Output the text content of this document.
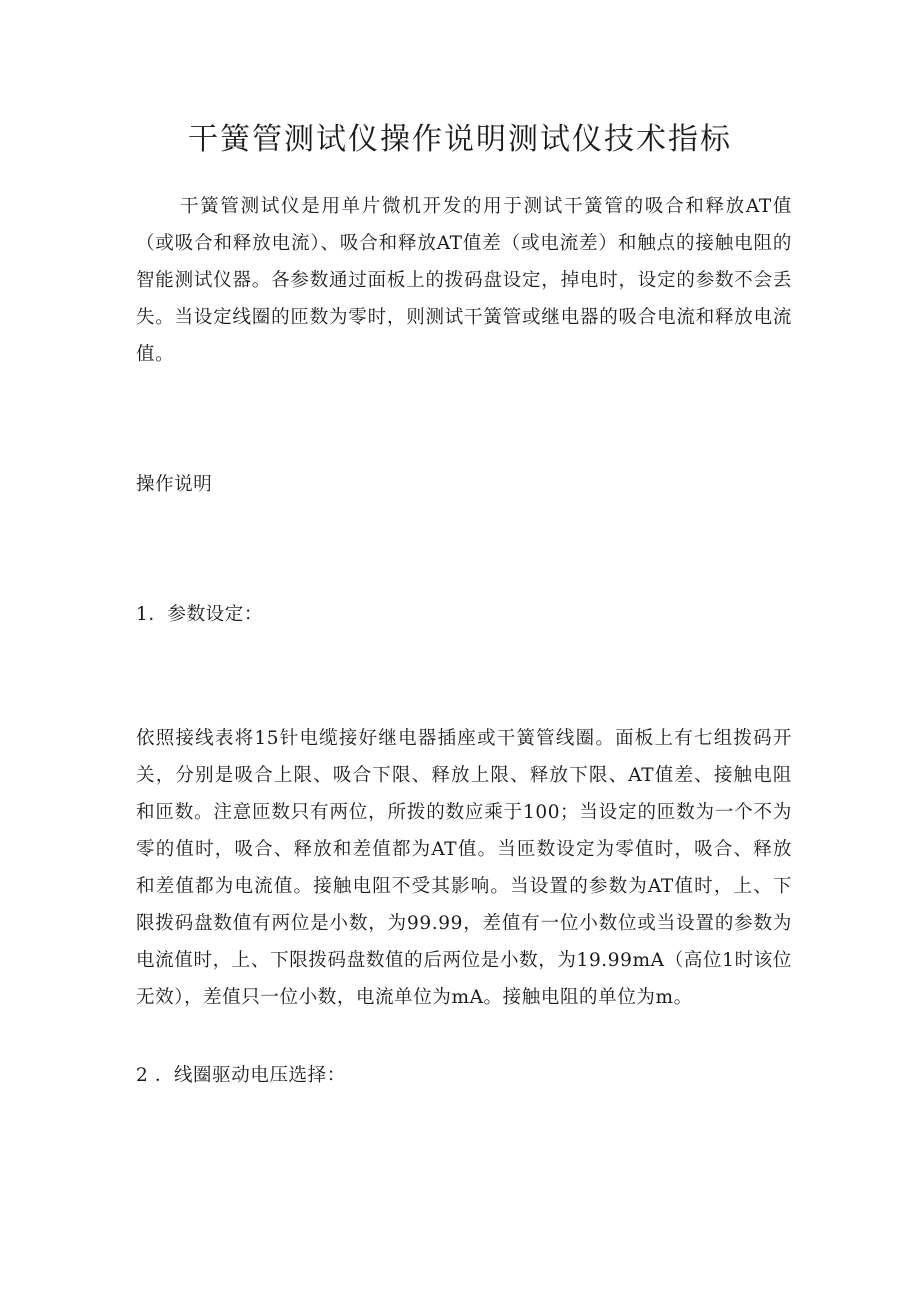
干簧管测试仪操作说明测试仪技术指标

干簧管测试仪是用单片微机开发的用于测试干簧管的吸合和释放AT值（或吸合和释放电流）、吸合和释放AT值差（或电流差）和触点的接触电阻的智能测试仪器。各参数通过面板上的拨码盘设定，掉电时，设定的参数不会丢失。当设定线圈的匝数为零时，则测试干簧管或继电器的吸合电流和释放电流值。

操作说明

1．参数设定：

依照接线表将15针电缆接好继电器插座或干簧管线圈。面板上有七组拨码开关，分别是吸合上限、吸合下限、释放上限、释放下限、AT值差、接触电阻和匝数。注意匝数只有两位，所拨的数应乘于100；当设定的匝数为一个不为零的值时，吸合、释放和差值都为AT值。当匝数设定为零值时，吸合、释放和差值都为电流值。接触电阻不受其影响。当设置的参数为AT值时，上、下限拨码盘数值有两位是小数，为99.99，差值有一位小数位或当设置的参数为电流值时，上、下限拨码盘数值的后两位是小数，为19.99mA（高位1时该位无效），差值只一位小数，电流单位为mA。接触电阻的单位为m。

2 ．线圈驱动电压选择：
